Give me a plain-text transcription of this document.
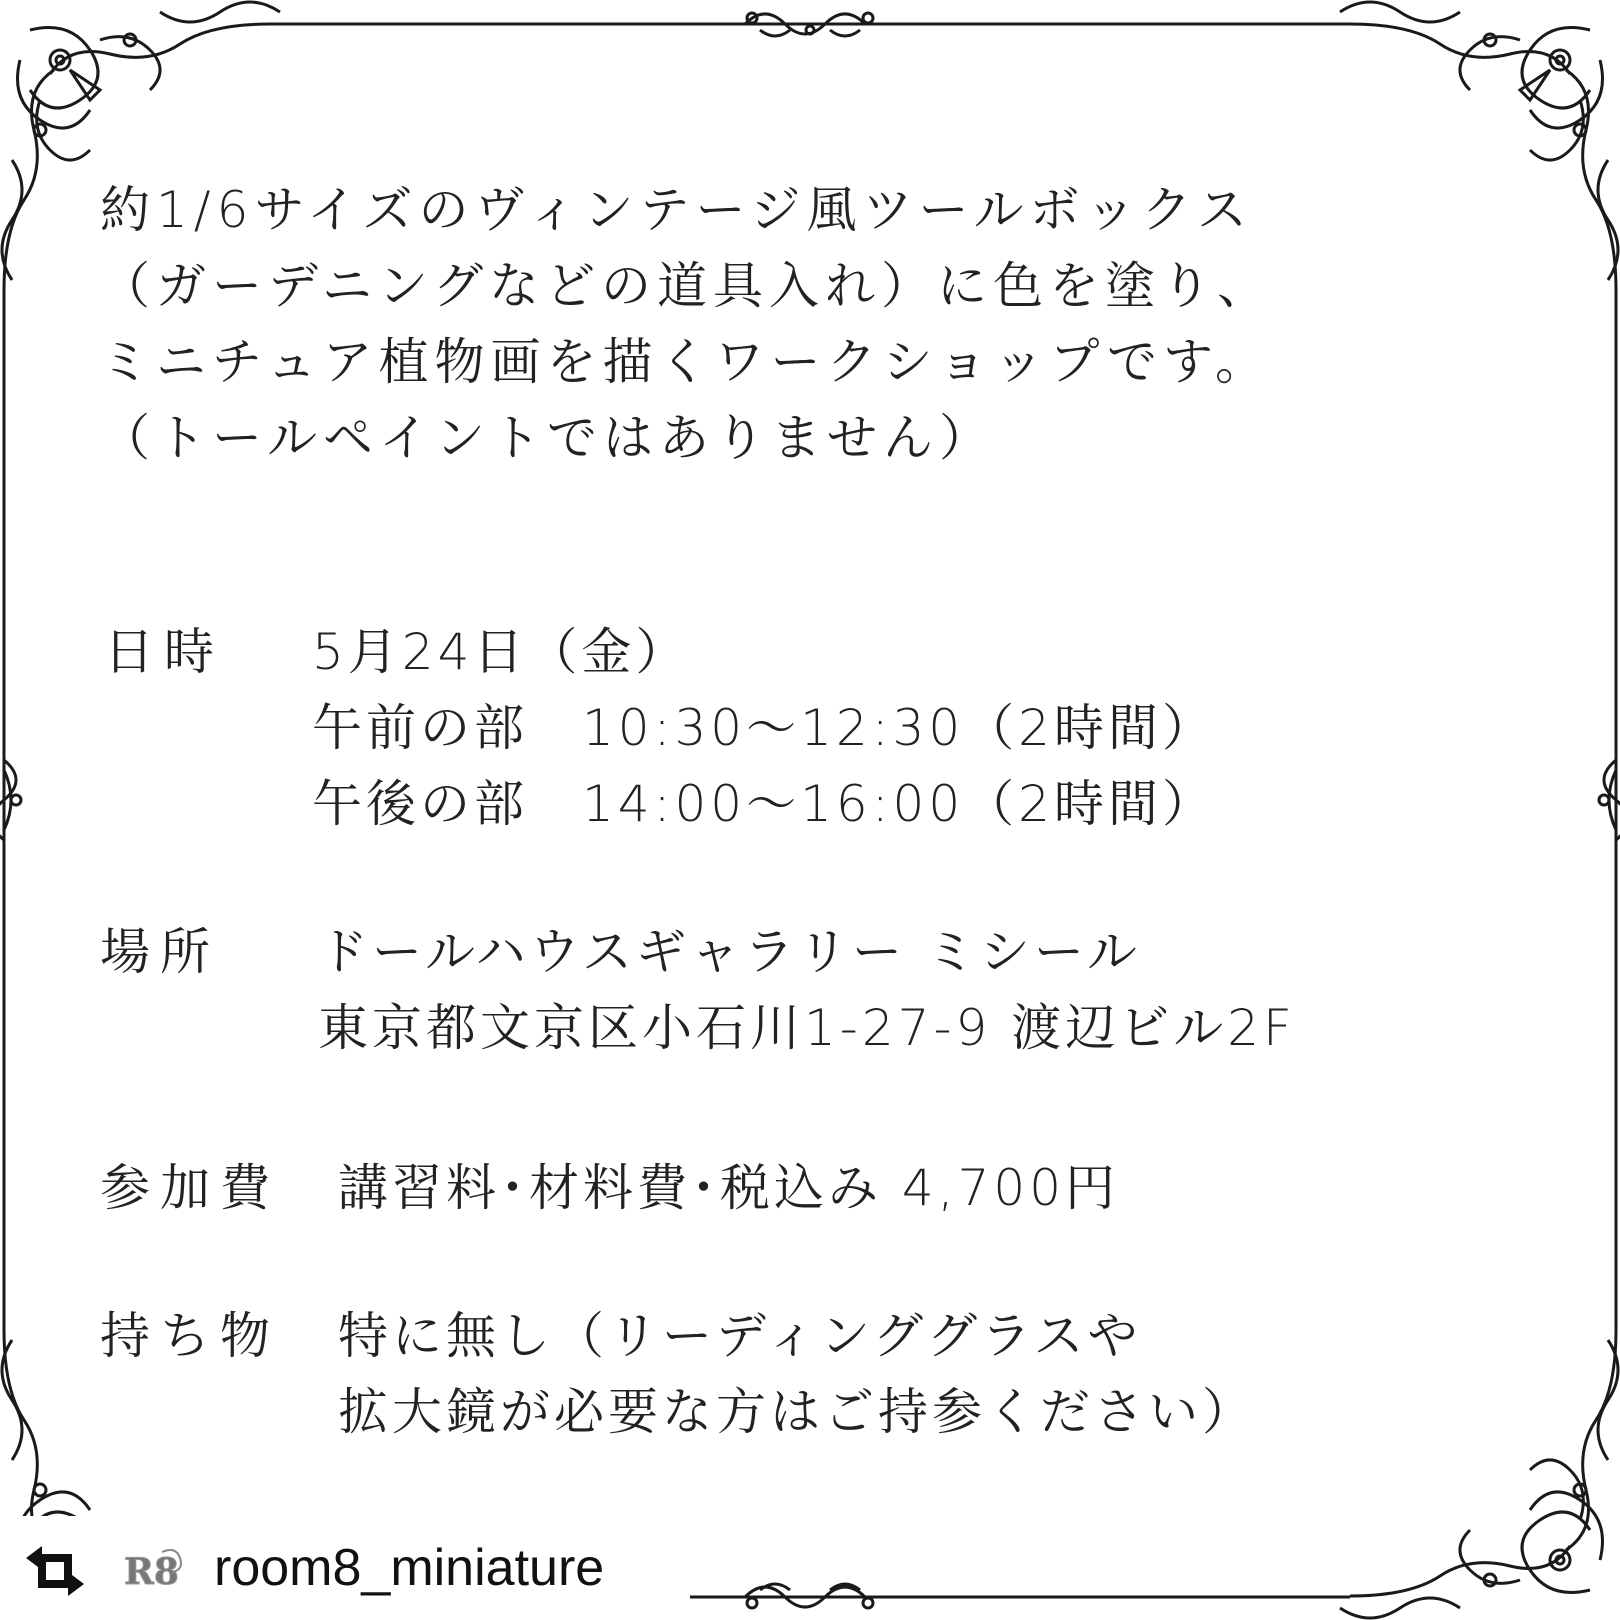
約1/6サイズのヴィンテージ風ツールボックス
（ガーデニングなどの道具入れ）に色を塗り、
ミニチュア植物画を描くワークショップです。
（トールペイントではありません）
日時 5月24日（金）
午前の部　10:30〜12:30（2時間）
午後の部　14:00〜16:00（2時間）
場所 ドールハウスギャラリー ミシール
東京都文京区小石川1-27-9 渡辺ビル2F
参加費 講習料･材料費･税込み 4,700円
持ち物 特に無し（リーディンググラスや
拡大鏡が必要な方はご持参ください）
R8 room8_miniature
